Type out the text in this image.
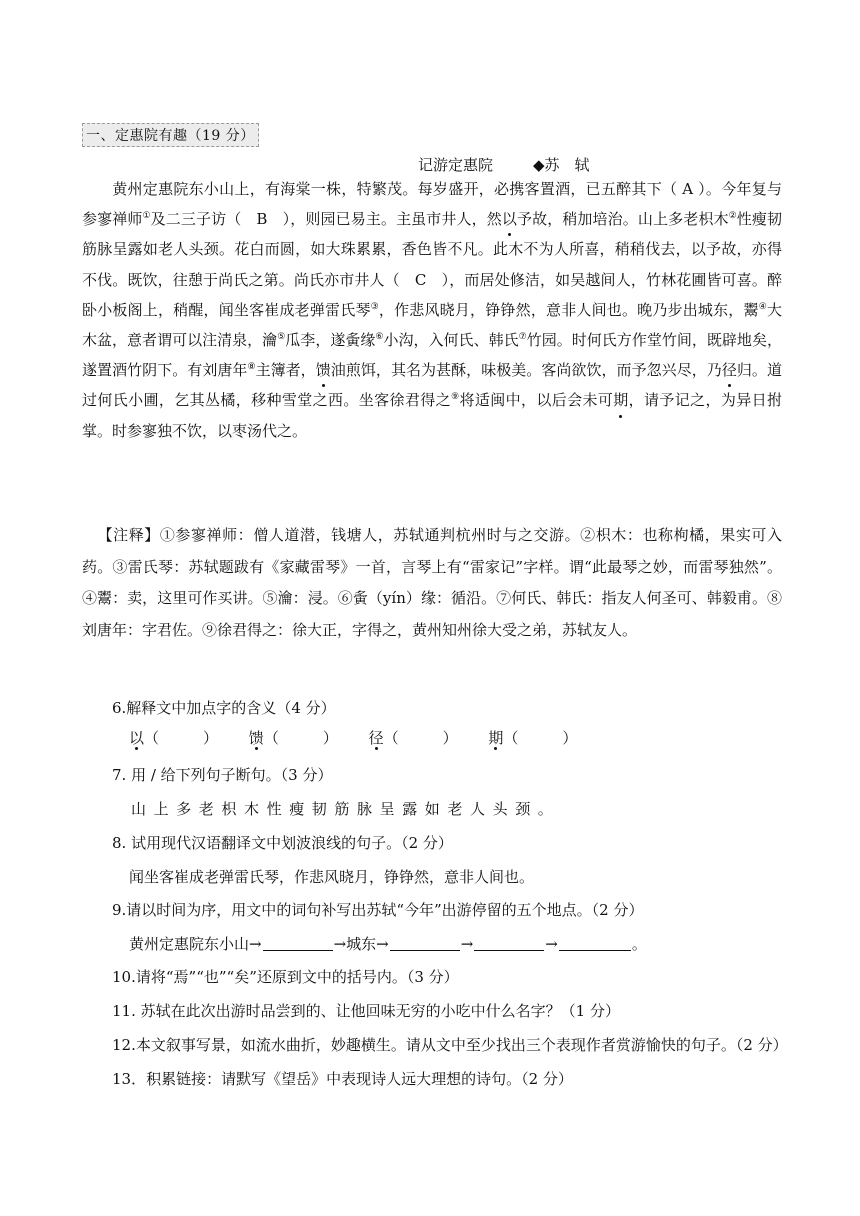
一、定惠院有趣（19 分）
记游定惠院	◆苏　轼
  黄州定惠院东小山上，有海棠一株，特繁茂。每岁盛开，必携客置酒，已五醉其下（ A ）。今年复与参寥禅师①及二三子访（　B　），则园已易主。主虽市井人，然以予故，稍加培治。山上多老枳木②性瘦韧筋脉呈露如老人头颈。花白而圆，如大珠累累，香色皆不凡。此木不为人所喜，稍稍伐去，以予故，亦得不伐。既饮，往憩于尚氏之第。尚氏亦市井人（　C　），而居处修洁，如吴越间人，竹林花圃皆可喜。醉卧小板阁上，稍醒，闻坐客崔成老弹雷氏琴③，作悲风晓月，铮铮然，意非人间也。晚乃步出城东，鬻④大木盆，意者谓可以注清泉，瀹⑤瓜李，遂夤缘⑥小沟，入何氏、韩氏⑦竹园。时何氏方作堂竹间，既辟地矣，遂置酒竹阴下。有刘唐年⑧主簿者，馈油煎饵，其名为甚酥，味极美。客尚欲饮，而予忽兴尽，乃径归。道过何氏小圃，乞其丛橘，移种雪堂之西。坐客徐君得之⑨将适闽中，以后会未可期，请予记之，为异日拊掌。时参寥独不饮，以枣汤代之。
 【注释】①参寥禅师：僧人道潜，钱塘人，苏轼通判杭州时与之交游。②枳木：也称枸橘，果实可入药。③雷氏琴：苏轼题跋有《家藏雷琴》一首，言琴上有“雷家记”字样。谓“此最琴之妙，而雷琴独然”。④鬻：卖，这里可作买讲。⑤瀹：浸。⑥夤（yín）缘：循沿。⑦何氏、韩氏：指友人何圣可、韩毅甫。⑧刘唐年：字君佐。⑨徐君得之：徐大正，字得之，黄州知州徐大受之弟，苏轼友人。
6.解释文中加点字的含义（4 分）
以（	） 馈（	） 径（	） 期（	）
7. 用 / 给下列句子断句。（3 分）
山上多老枳木性瘦韧筋脉呈露如老人头颈。
8. 试用现代汉语翻译文中划波浪线的句子。（2 分）
闻坐客崔成老弹雷氏琴，作悲风晓月，铮铮然，意非人间也。
9.请以时间为序，用文中的词句补写出苏轼“今年”出游停留的五个地点。（2 分）
黄州定惠院东小山→	→城东→	→	→	。
10.请将“焉”“也”“矣”还原到文中的括号内。（3 分）
11. 苏轼在此次出游时品尝到的、让他回味无穷的小吃中什么名字？（1 分）
12.本文叙事写景，如流水曲折，妙趣横生。请从文中至少找出三个表现作者赏游愉快的句子。（2 分）
13．积累链接：请默写《望岳》中表现诗人远大理想的诗句。（2 分）
